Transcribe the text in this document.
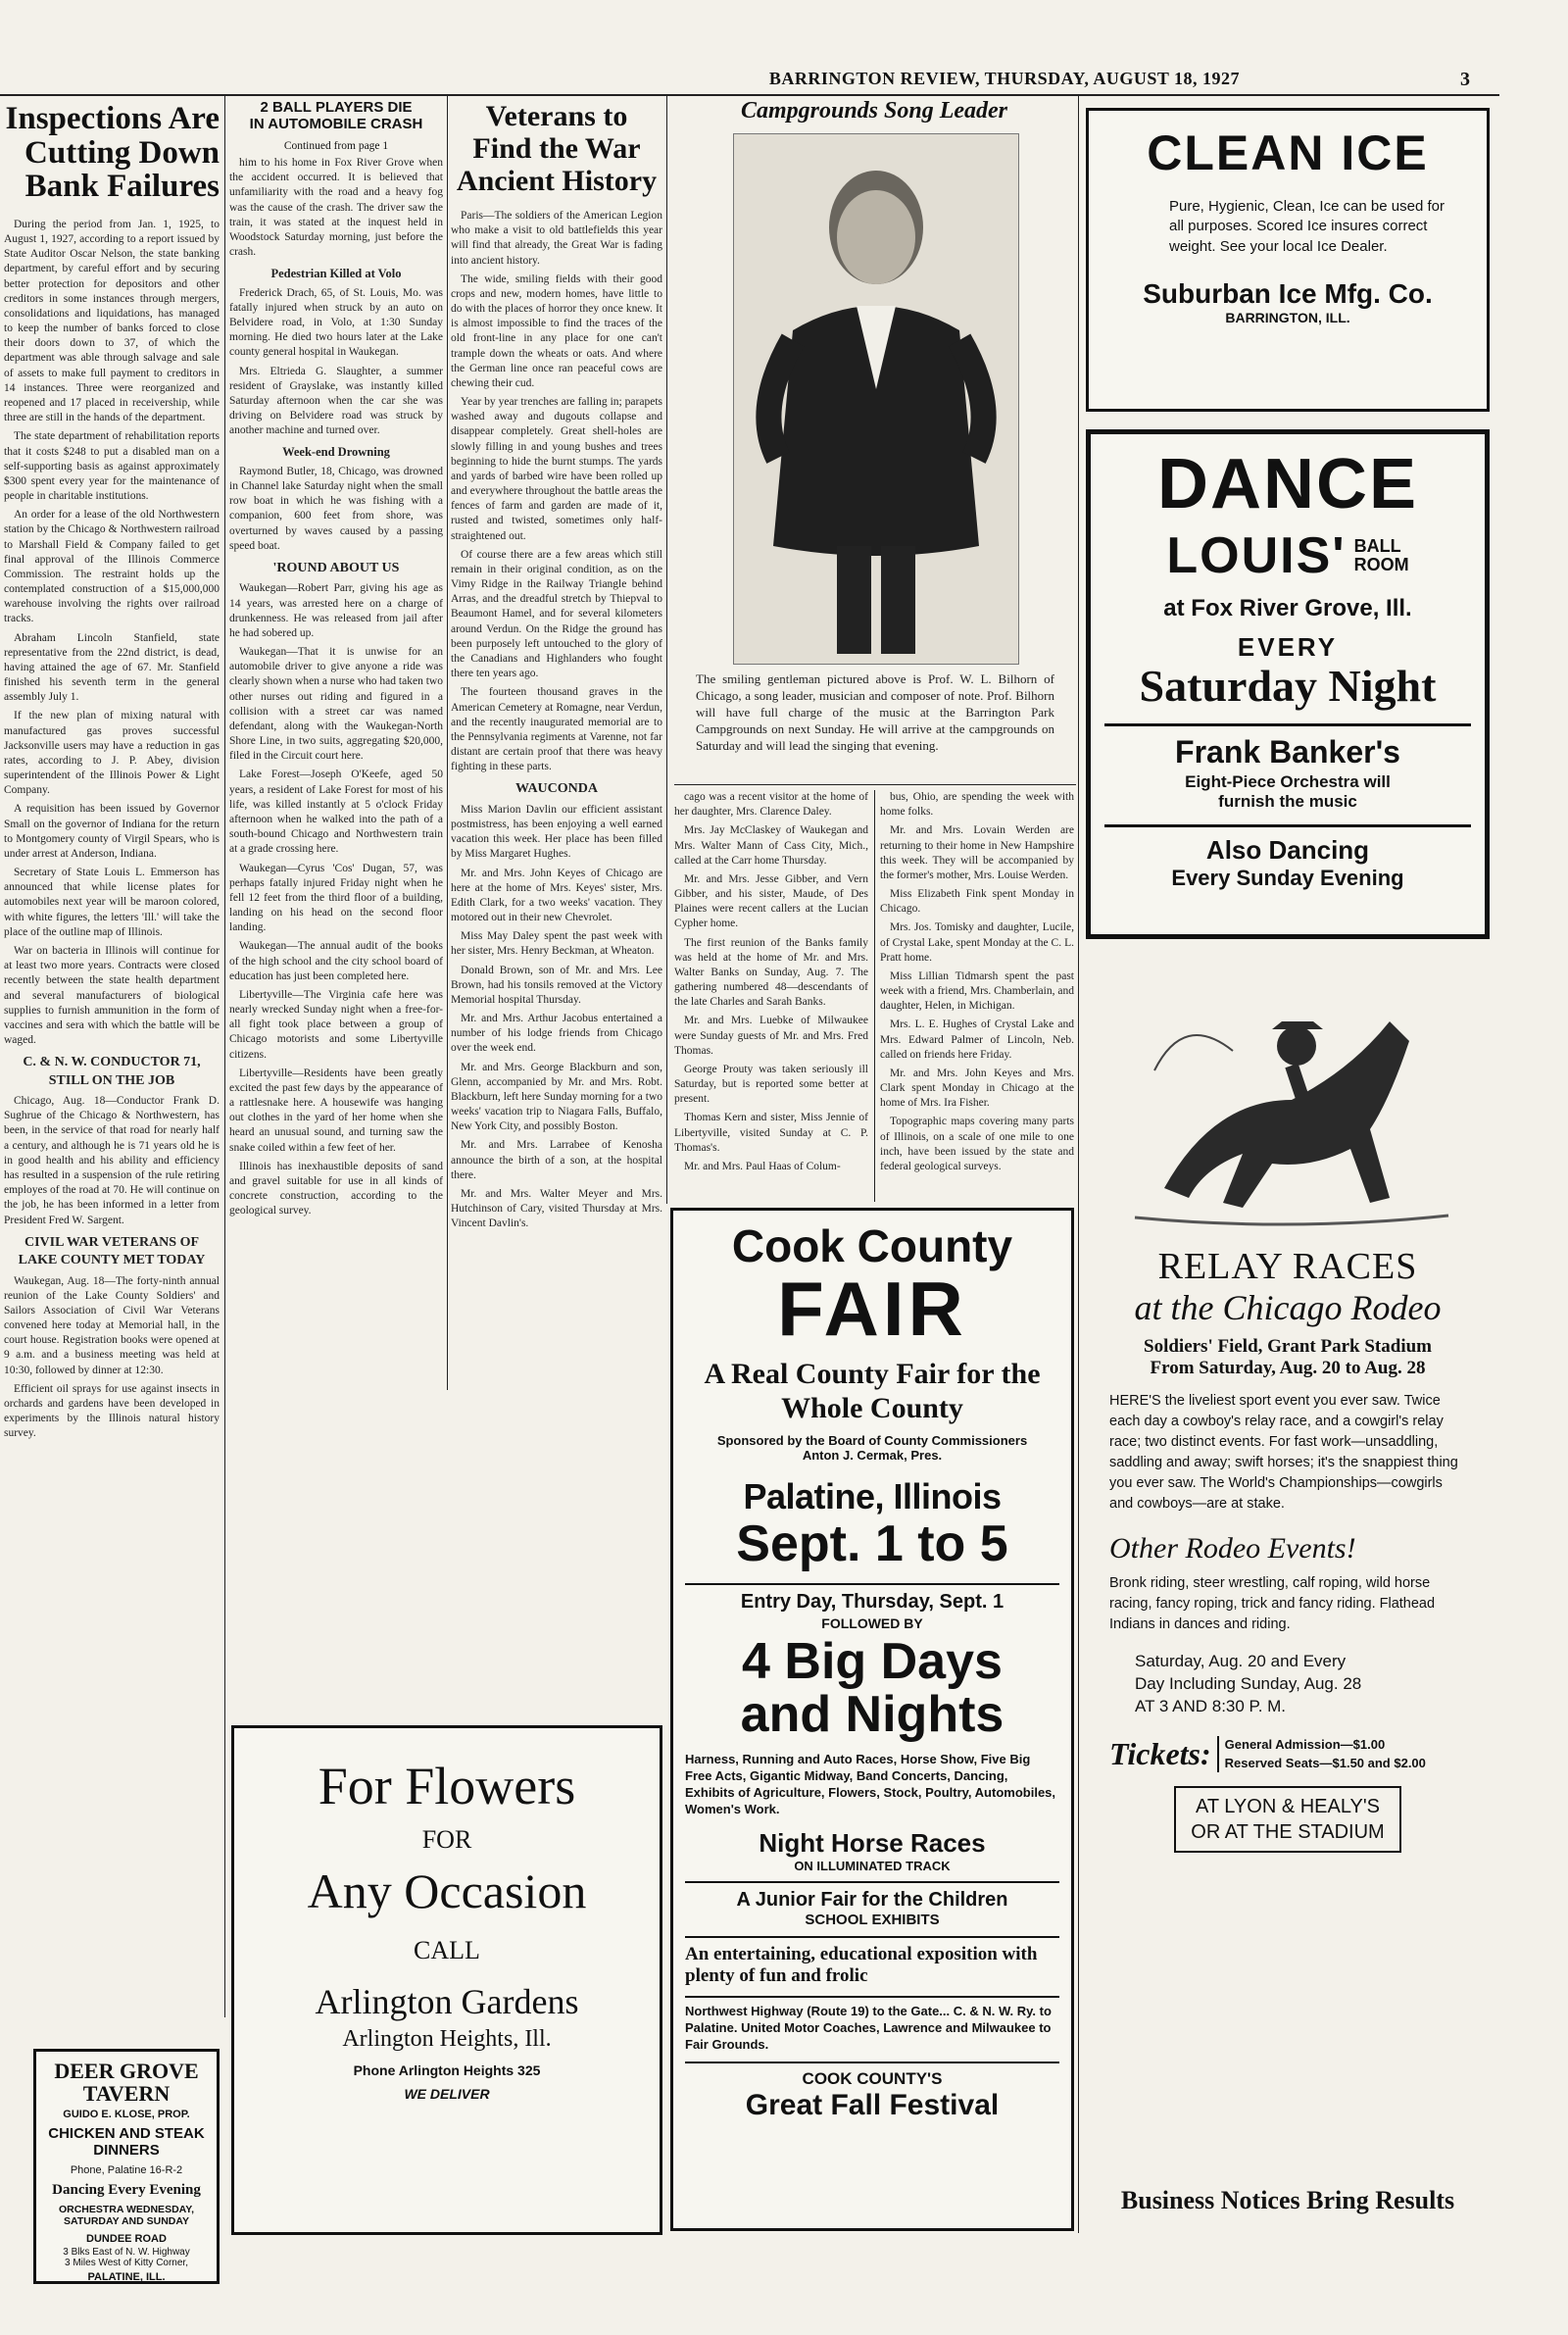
BARRINGTON REVIEW, THURSDAY, AUGUST 18, 1927	3
Inspections Are
Cutting Down
Bank Failures

During the period from Jan. 1, 1925, to August 1, 1927, according to a report issued by State Auditor Oscar Nelson, the state banking department, by careful effort and by securing better protection for depositors and other creditors in some instances through mergers, consolidations and liquidations, has managed to keep the number of banks forced to close their doors down to 37, of which the department was able through salvage and sale of assets to make full payment to creditors in 14 instances. Three were reorganized and reopened and 17 placed in receivership, while three are still in the hands of the department.

The state department of rehabilitation reports that it costs $248 to put a disabled man on a self-supporting basis as against approximately $300 spent every year for the maintenance of people in charitable institutions.

An order for a lease of the old Northwestern station by the Chicago & Northwestern railroad to Marshall Field & Company failed to get final approval of the Illinois Commerce Commission. The restraint holds up the contemplated construction of a $15,000,000 warehouse involving the rights over railroad tracks.

Abraham Lincoln Stanfield, state representative from the 22nd district, is dead, having attained the age of 67. Mr. Stanfield finished his seventh term in the general assembly July 1.

If the new plan of mixing natural with manufactured gas proves successful Jacksonville users may have a reduction in gas rates, according to J. P. Abey, division superintendent of the Illinois Power & Light Company.

A requisition has been issued by Governor Small on the governor of Indiana for the return to Montgomery county of Virgil Spears, who is under arrest at Anderson, Indiana.

Secretary of State Louis L. Emmerson has announced that while license plates for automobiles next year will be maroon colored, with white figures, the letters 'Ill.' will take the place of the outline map of Illinois.

War on bacteria in Illinois will continue for at least two more years. Contracts were closed recently between the state health department and several manufacturers of biological supplies to furnish ammunition in the form of vaccines and sera with which the battle will be waged.

C. & N. W. CONDUCTOR 71, STILL ON THE JOB

Chicago, Aug. 18—Conductor Frank D. Sughrue of the Chicago & Northwestern, has been, in the service of that road for nearly half a century, and although he is 71 years old he is in good health and his ability and efficiency has resulted in a suspension of the rule retiring employes of the road at 70. He will continue on the job, he has been informed in a letter from President Fred W. Sargent.

CIVIL WAR VETERANS OF LAKE COUNTY MET TODAY

Waukegan, Aug. 18—The forty-ninth annual reunion of the Lake County Soldiers' and Sailors Association of Civil War Veterans convened here today at Memorial hall, in the court house. Registration books were opened at 9 a.m. and a business meeting was held at 10:30, followed by dinner at 12:30.

Efficient oil sprays for use against insects in orchards and gardens have been developed in experiments by the Illinois natural history survey.

DEER GROVE TAVERN
GUIDO E. KLOSE, PROP.
CHICKEN AND STEAK DINNERS
Phone, Palatine 16-R-2
Dancing Every Evening
ORCHESTRA WEDNESDAY, SATURDAY AND SUNDAY
DUNDEE ROAD
3 Blks East of N. W. Highway
3 Miles West of Kitty Corner,
PALATINE, ILL.
2 BALL PLAYERS DIE
IN AUTOMOBILE CRASH
Continued from page 1

him to his home in Fox River Grove when the accident occurred. It is believed that unfamiliarity with the road and a heavy fog was the cause of the crash. The driver saw the train, it was stated at the inquest held in Woodstock Saturday morning, just before the crash.

Pedestrian Killed at Volo

Frederick Drach, 65, of St. Louis, Mo. was fatally injured when struck by an auto on Belvidere road, in Volo, at 1:30 Sunday morning. He died two hours later at the Lake county general hospital in Waukegan.

Mrs. Eltrieda G. Slaughter, a summer resident of Grayslake, was instantly killed Saturday afternoon when the car she was driving on Belvidere road was struck by another machine and turned over.

Week-end Drowning

Raymond Butler, 18, Chicago, was drowned in Channel lake Saturday night when the small row boat in which he was fishing with a companion, 600 feet from shore, was overturned by waves caused by a passing speed boat.

'ROUND ABOUT US

Waukegan—Robert Parr, giving his age as 14 years, was arrested here on a charge of drunkenness. He was released from jail after he had sobered up.

Waukegan—That it is unwise for an automobile driver to give anyone a ride was clearly shown when a nurse who had taken two other nurses out riding and figured in a collision with a street car was named defendant, along with the Waukegan-North Shore Line, in two suits, aggregating $20,000, filed in the Circuit court here.

Lake Forest—Joseph O'Keefe, aged 50 years, a resident of Lake Forest for most of his life, was killed instantly at 5 o'clock Friday afternoon when he walked into the path of a south-bound Chicago and Northwestern train at a grade crossing here.

Waukegan—Cyrus 'Cos' Dugan, 57, was perhaps fatally injured Friday night when he fell 12 feet from the third floor of a building, landing on his head on the second floor landing.

Waukegan—The annual audit of the books of the high school and the city school board of education has just been completed here.

Libertyville—The Virginia cafe here was nearly wrecked Sunday night when a free-for-all fight took place between a group of Chicago motorists and some Libertyville citizens.

Libertyville—Residents have been greatly excited the past few days by the appearance of a rattlesnake here. A housewife was hanging out clothes in the yard of her home when she heard an unusual sound, and turning saw the snake coiled within a few feet of her.

Illinois has inexhaustible deposits of sand and gravel suitable for use in all kinds of concrete construction, according to the geological survey.

Veterans to
Find the War
Ancient History

Paris—The soldiers of the American Legion who make a visit to old battlefields this year will find that already, the Great War is fading into ancient history.

The wide, smiling fields with their good crops and new, modern homes, have little to do with the places of horror they once knew. It is almost impossible to find the traces of the old front-line in any place for one can't trample down the wheats or oats. And where the German line once ran peaceful cows are chewing their cud.

Year by year trenches are falling in; parapets washed away and dugouts collapse and disappear completely. Great shell-holes are slowly filling in and young bushes and trees beginning to hide the burnt stumps. The yards and yards of barbed wire have been rolled up and everywhere throughout the battle areas the fences of farm and garden are made of it, rusted and twisted, sometimes only half-straightened out.

Of course there are a few areas which still remain in their original condition, as on the Vimy Ridge in the Railway Triangle behind Arras, and the dreadful stretch by Thiepval to Beaumont Hamel, and for several kilometers around Verdun. On the Ridge the ground has been purposely left untouched to the glory of the Canadians and Highlanders who fought there ten years ago.

The fourteen thousand graves in the American Cemetery at Romagne, near Verdun, and the recently inaugurated memorial are to the Pennsylvania regiments at Varenne, not far distant are certain proof that there was heavy fighting in these parts.

WAUCONDA

Miss Marion Davlin our efficient assistant postmistress, has been enjoying a well earned vacation this week. Her place has been filled by Miss Margaret Hughes.

Mr. and Mrs. John Keyes of Chicago are here at the home of Mrs. Keyes' sister, Mrs. Edith Clark, for a two weeks' vacation. They motored out in their new Chevrolet.

Miss May Daley spent the past week with her sister, Mrs. Henry Beckman, at Wheaton.

Donald Brown, son of Mr. and Mrs. Lee Brown, had his tonsils removed at the Victory Memorial hospital Thursday.

Mr. and Mrs. Arthur Jacobus entertained a number of his lodge friends from Chicago over the week end.

Mr. and Mrs. George Blackburn and son, Glenn, accompanied by Mr. and Mrs. Robt. Blackburn, left here Sunday morning for a two weeks' vacation trip to Niagara Falls, Buffalo, New York City, and possibly Boston.

Mr. and Mrs. Larrabee of Kenosha announce the birth of a son, at the hospital there.

Mr. and Mrs. Walter Meyer and Mrs. Hutchinson of Cary, visited Thursday at Mrs. Vincent Davlin's.

Campgrounds Song Leader
The smiling gentleman pictured above is Prof. W. L. Bilhorn of Chicago, a song leader, musician and composer of note. Prof. Bilhorn will have full charge of the music at the Barrington Park Campgrounds on next Sunday. He will arrive at the campgrounds on Saturday and will lead the singing that evening.

cago was a recent visitor at the home of her daughter, Mrs. Clarence Daley.

Mrs. Jay McClaskey of Waukegan and Mrs. Walter Mann of Cass City, Mich., called at the Carr home Thursday.

Mr. and Mrs. Jesse Gibber, and Vern Gibber, and his sister, Maude, of Des Plaines were recent callers at the Lucian Cypher home.

The first reunion of the Banks family was held at the home of Mr. and Mrs. Walter Banks on Sunday, Aug. 7. The gathering numbered 48—descendants of the late Charles and Sarah Banks.

Mr. and Mrs. Luebke of Milwaukee were Sunday guests of Mr. and Mrs. Fred Thomas.

George Prouty was taken seriously ill Saturday, but is reported some better at present.

Thomas Kern and sister, Miss Jennie of Libertyville, visited Sunday at C. P. Thomas's.

Mr. and Mrs. Paul Haas of Colum-

bus, Ohio, are spending the week with home folks.

Mr. and Mrs. Lovain Werden are returning to their home in New Hampshire this week. They will be accompanied by the former's mother, Mrs. Louise Werden.

Miss Elizabeth Fink spent Monday in Chicago.

Mrs. Jos. Tomisky and daughter, Lucile, of Crystal Lake, spent Monday at the C. L. Pratt home.

Miss Lillian Tidmarsh spent the past week with a friend, Mrs. Chamberlain, and daughter, Helen, in Michigan.

Mrs. L. E. Hughes of Crystal Lake and Mrs. Edward Palmer of Lincoln, Neb. called on friends here Friday.

Mr. and Mrs. John Keyes and Mrs. Clark spent Monday in Chicago at the home of Mrs. Ira Fisher.

Topographic maps covering many parts of Illinois, on a scale of one mile to one inch, have been issued by the state and federal geological surveys.

For Flowers
FOR
Any Occasion
CALL
Arlington Gardens
Arlington Heights, Ill.
Phone Arlington Heights 325
WE DELIVER
Cook County
FAIR
A Real County Fair for the Whole County
Sponsored by the Board of County Commissioners
Anton J. Cermak, Pres.
Palatine, Illinois
Sept. 1 to 5
Entry Day, Thursday, Sept. 1
FOLLOWED BY
4 Big Days
and Nights
Harness, Running and Auto Races, Horse Show, Five Big Free Acts, Gigantic Midway, Band Concerts, Dancing, Exhibits of Agriculture, Flowers, Stock, Poultry, Automobiles, Women's Work.
Night Horse Races
ON ILLUMINATED TRACK
A Junior Fair for the Children
SCHOOL EXHIBITS
An entertaining, educational exposition with plenty of fun and frolic
Northwest Highway (Route 19) to the Gate... C. & N. W. Ry. to Palatine. United Motor Coaches, Lawrence and Milwaukee to Fair Grounds.
COOK COUNTY'S
Great Fall Festival
CLEAN ICE
Pure, Hygienic, Clean, Ice can be used for all purposes. Scored Ice insures correct weight. See your local Ice Dealer.
Suburban Ice Mfg. Co.
BARRINGTON, ILL.
DANCE
LOUIS' BALL
ROOM
at Fox River Grove, Ill.
EVERY
Saturday Night
Frank Banker's
Eight-Piece Orchestra will furnish the music
Also Dancing
Every Sunday Evening
RELAY RACES
at the Chicago Rodeo
Soldiers' Field, Grant Park Stadium
From Saturday, Aug. 20 to Aug. 28
HERE'S the liveliest sport event you ever saw. Twice each day a cowboy's relay race, and a cowgirl's relay race; two distinct events. For fast work—unsaddling, saddling and away; swift horses; it's the snappiest thing you ever saw. The World's Championships—cowgirls and cowboys—are at stake.
Other Rodeo Events!
Bronk riding, steer wrestling, calf roping, wild horse racing, fancy roping, trick and fancy riding. Flathead Indians in dances and riding.
Saturday, Aug. 20 and Every
Day Including Sunday, Aug. 28
AT 3 AND 8:30 P. M.
Tickets: General Admission—$1.00
Reserved Seats—$1.50 and $2.00
AT LYON & HEALY'S OR AT THE STADIUM
Business Notices Bring Results
